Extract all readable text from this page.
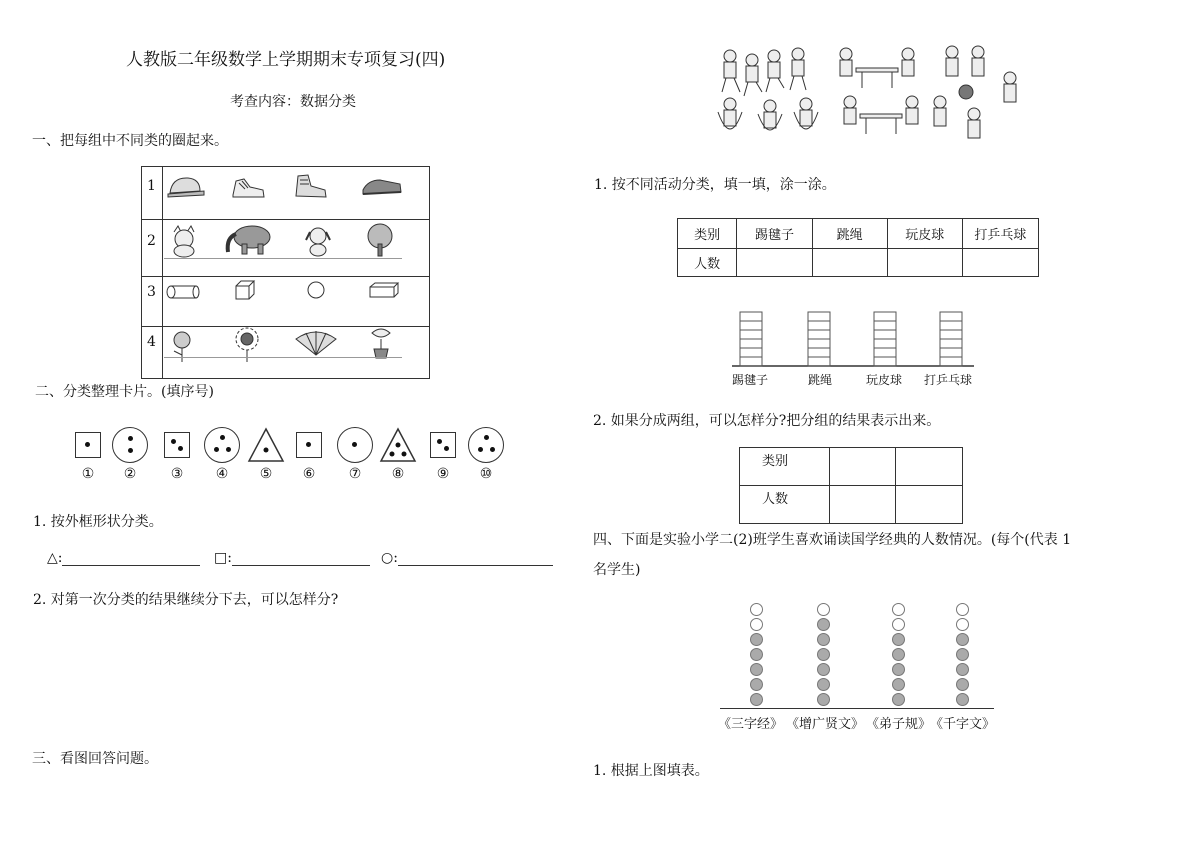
人教版二年级数学上学期期末专项复习(四)
考查内容：数据分类
一、把每组中不同类的圈起来。
1
2
3
4
二、分类整理卡片。(填序号)
①	②	③	④	⑤	⑥	⑦	⑧	⑨	⑩
1. 按外框形状分类。
△:	□:	○:
2. 对第一次分类的结果继续分下去，可以怎样分?
三、看图回答问题。
1. 按不同活动分类，填一填，涂一涂。
类别	踢毽子	跳绳	玩皮球	打乒乓球
人数				
踢毽子	跳绳	玩皮球 打乒乓球
2. 如果分成两组，可以怎样分?把分组的结果表示出来。
类别		
人数		
四、下面是实验小学二(2)班学生喜欢诵读国学经典的人数情况。(每个(代表 1
名学生)
《三字经》 《增广贤文》 《弟子规》
《千字文》
1. 根据上图填表。
